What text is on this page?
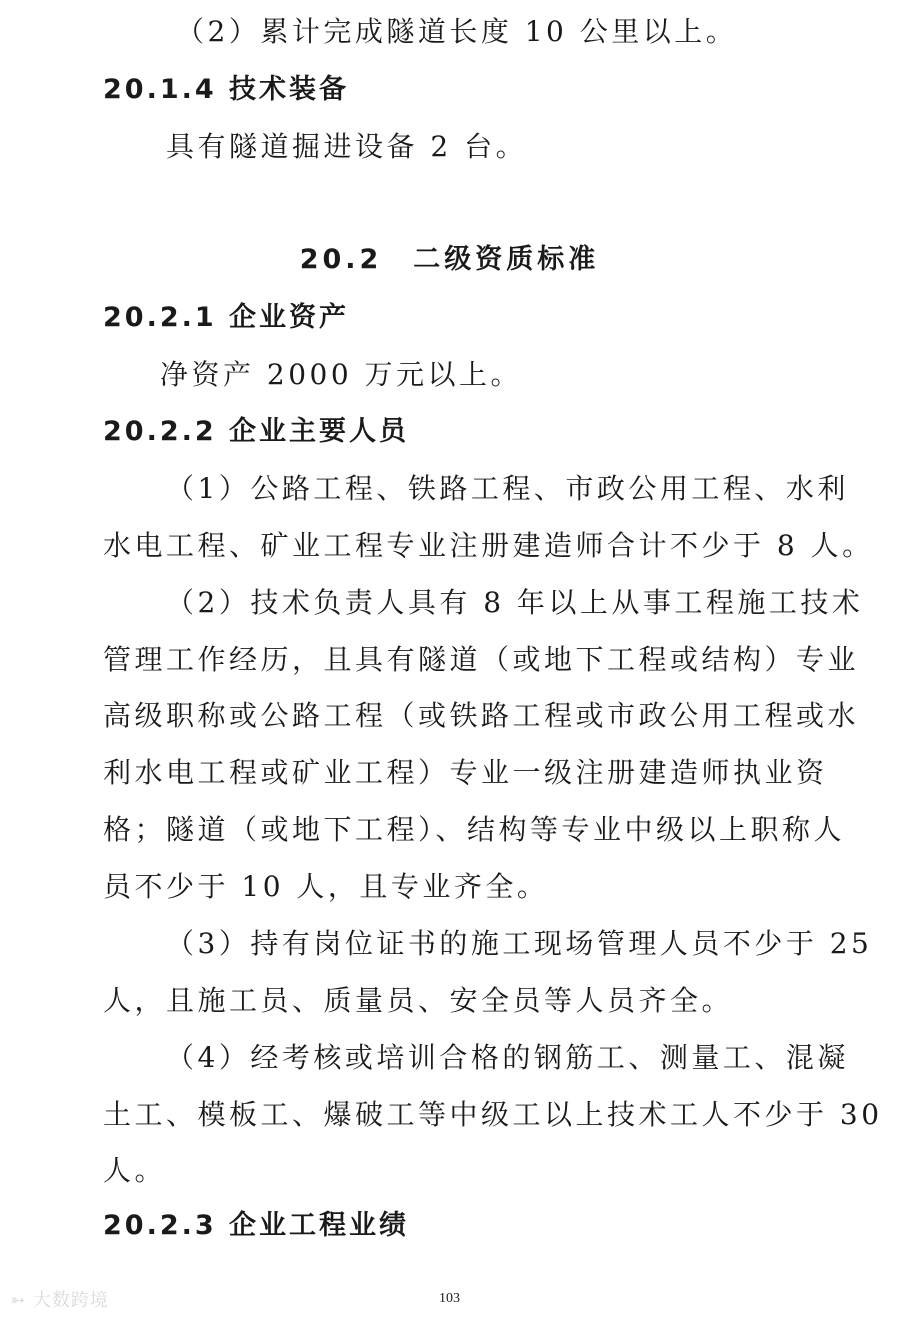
（2）累计完成隧道长度 10 公里以上。
20.1.4 技术装备
具有隧道掘进设备 2 台。
20.2　二级资质标准
20.2.1 企业资产
净资产 2000 万元以上。
20.2.2 企业主要人员
（1）公路工程、铁路工程、市政公用工程、水利
水电工程、矿业工程专业注册建造师合计不少于 8 人。
（2）技术负责人具有 8 年以上从事工程施工技术
管理工作经历，且具有隧道（或地下工程或结构）专业
高级职称或公路工程（或铁路工程或市政公用工程或水
利水电工程或矿业工程）专业一级注册建造师执业资
格；隧道（或地下工程）、结构等专业中级以上职称人
员不少于 10 人，且专业齐全。
（3）持有岗位证书的施工现场管理人员不少于 25
人，且施工员、质量员、安全员等人员齐全。
（4）经考核或培训合格的钢筋工、测量工、混凝
土工、模板工、爆破工等中级工以上技术工人不少于 30
人。
20.2.3 企业工程业绩
103
➳ 大数跨境
